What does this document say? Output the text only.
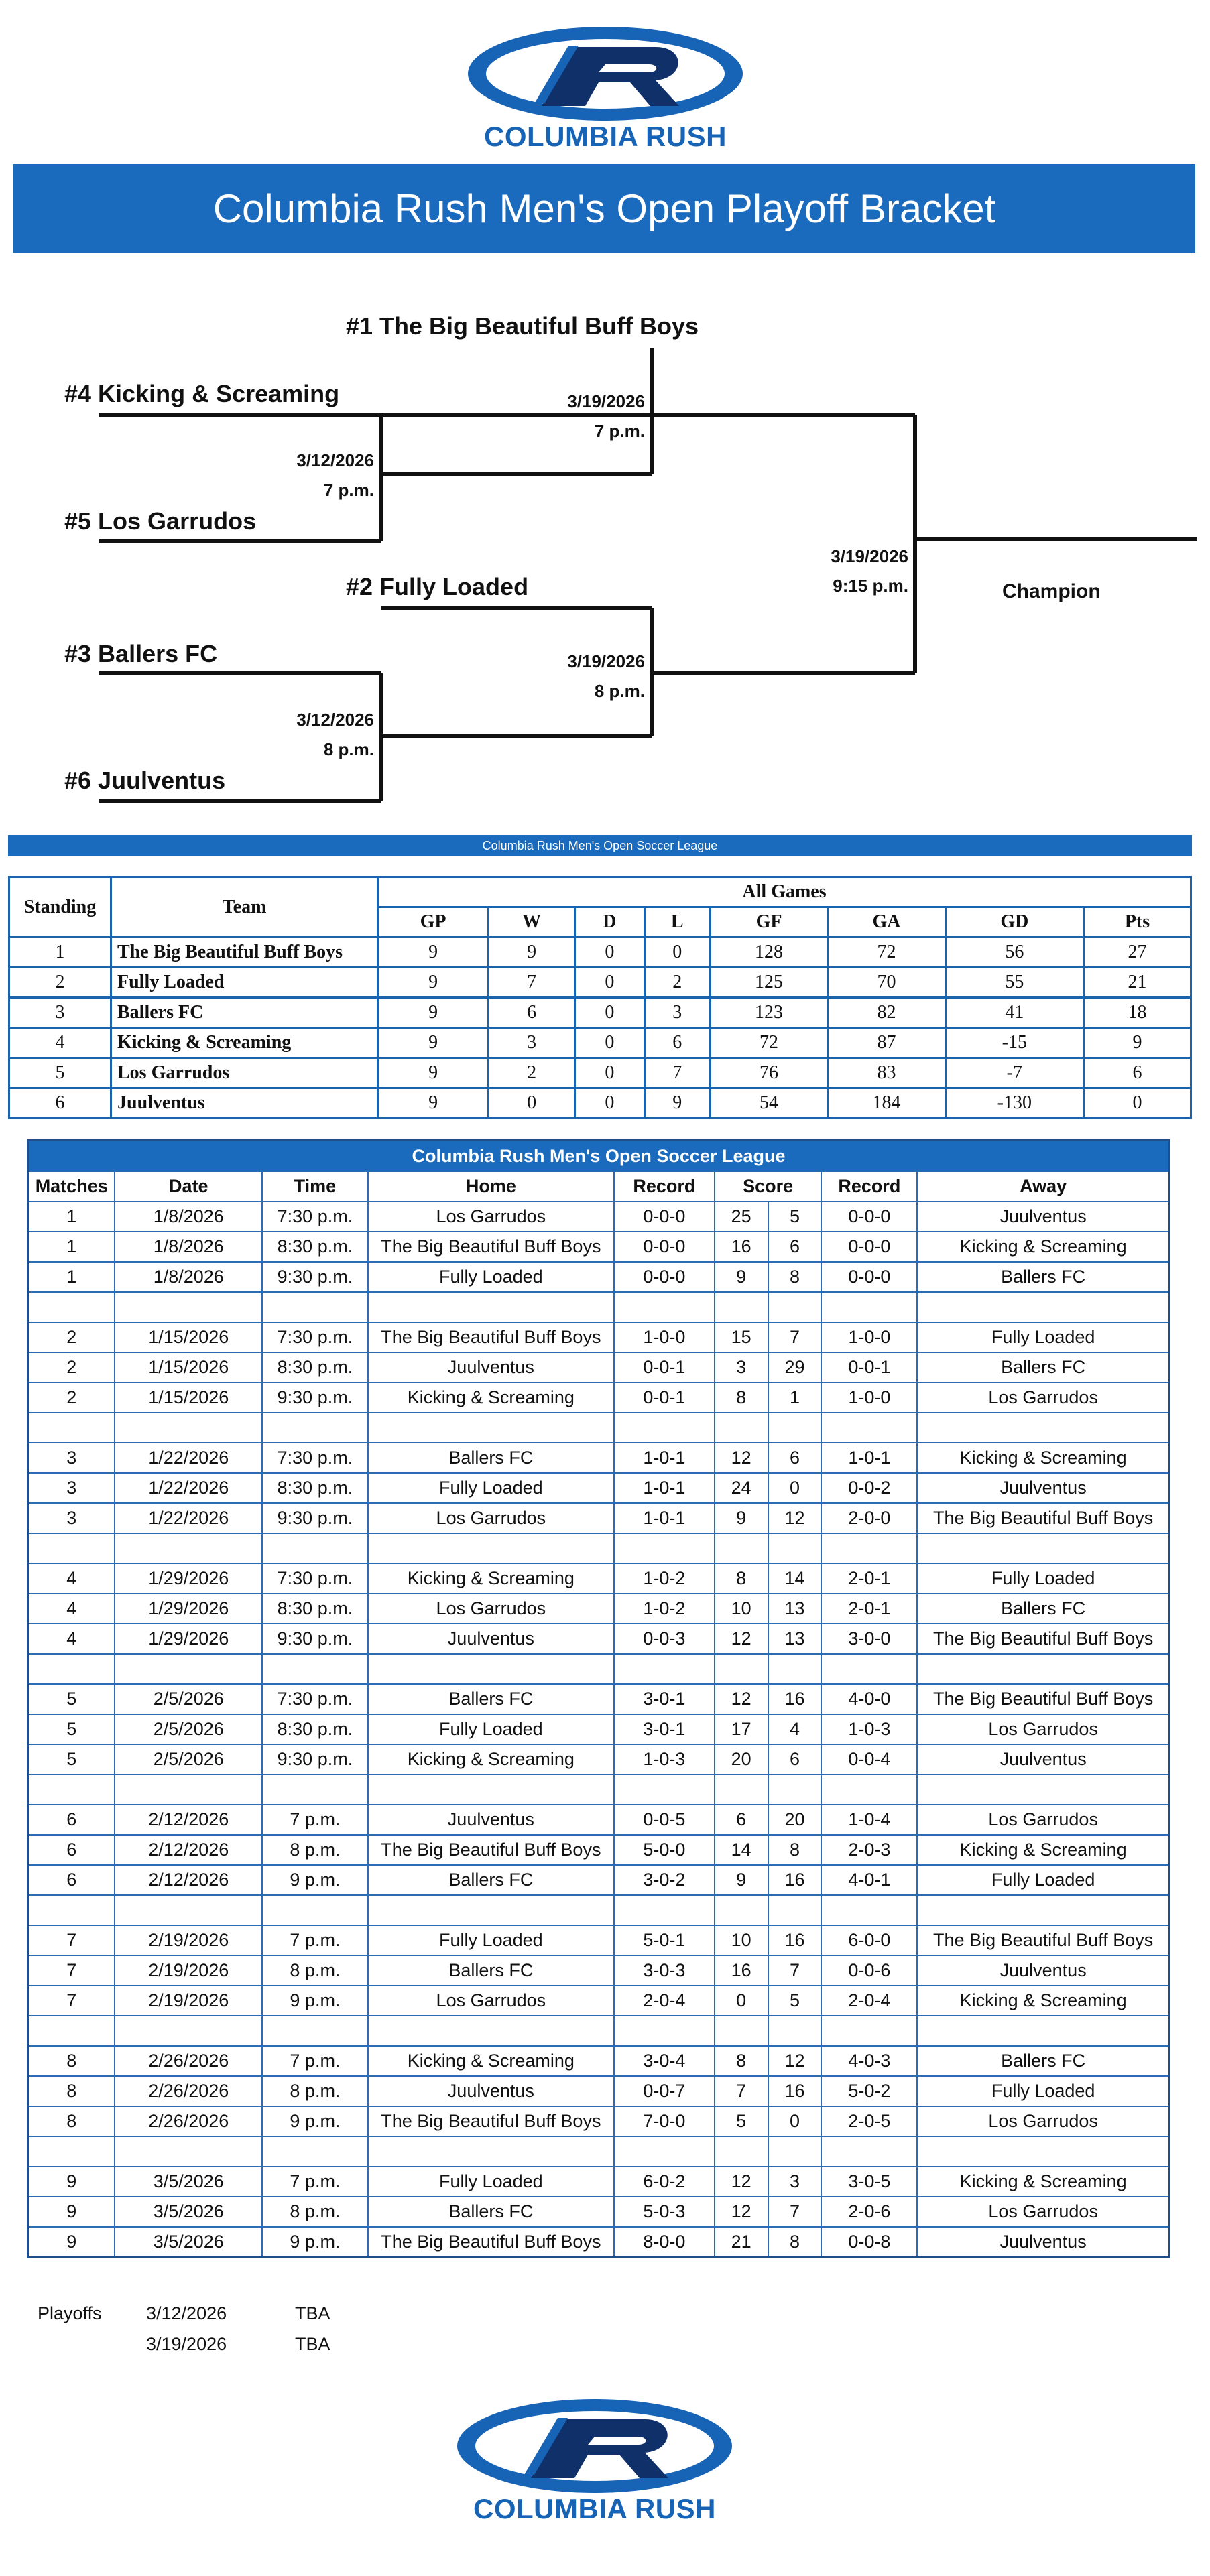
COLUMBIA RUSH
Columbia Rush Men's Open Playoff Bracket
#1 The Big Beautiful Buff Boys
#4 Kicking & Screaming
#5 Los Garrudos
#2 Fully Loaded
#3 Ballers FC
#6 Juulventus
3/12/2026
7 p.m.
3/19/2026
7 p.m.
3/12/2026
8 p.m.
3/19/2026
8 p.m.
3/19/2026
9:15 p.m.	Champion
Columbia Rush Men's Open Soccer League
Standing	Team	All Games							
		GP	W	D	L	GF	GA	GD	Pts
1	The Big Beautiful Buff Boys	9	9	0	0	128	72	56	27
2	Fully Loaded	9	7	0	2	125	70	55	21
3	Ballers FC	9	6	0	3	123	82	41	18
4	Kicking & Screaming	9	3	0	6	72	87	-15	9
5	Los Garrudos	9	2	0	7	76	83	-7	6
6	Juulventus	9	0	0	9	54	184	-130	0
Columbia Rush Men's Open Soccer League								
Matches	Date	Time	Home	Record	Score		Record	Away
1	1/8/2026	7:30 p.m.	Los Garrudos	0-0-0	25	5	0-0-0	Juulventus
1	1/8/2026	8:30 p.m.	The Big Beautiful Buff Boys	0-0-0	16	6	0-0-0	Kicking & Screaming
1	1/8/2026	9:30 p.m.	Fully Loaded	0-0-0	9	8	0-0-0	Ballers FC

2	1/15/2026	7:30 p.m.	The Big Beautiful Buff Boys	1-0-0	15	7	1-0-0	Fully Loaded
2	1/15/2026	8:30 p.m.	Juulventus	0-0-1	3	29	0-0-1	Ballers FC
2	1/15/2026	9:30 p.m.	Kicking & Screaming	0-0-1	8	1	1-0-0	Los Garrudos

3	1/22/2026	7:30 p.m.	Ballers FC	1-0-1	12	6	1-0-1	Kicking & Screaming
3	1/22/2026	8:30 p.m.	Fully Loaded	1-0-1	24	0	0-0-2	Juulventus
3	1/22/2026	9:30 p.m.	Los Garrudos	1-0-1	9	12	2-0-0	The Big Beautiful Buff Boys

4	1/29/2026	7:30 p.m.	Kicking & Screaming	1-0-2	8	14	2-0-1	Fully Loaded
4	1/29/2026	8:30 p.m.	Los Garrudos	1-0-2	10	13	2-0-1	Ballers FC
4	1/29/2026	9:30 p.m.	Juulventus	0-0-3	12	13	3-0-0	The Big Beautiful Buff Boys

5	2/5/2026	7:30 p.m.	Ballers FC	3-0-1	12	16	4-0-0	The Big Beautiful Buff Boys
5	2/5/2026	8:30 p.m.	Fully Loaded	3-0-1	17	4	1-0-3	Los Garrudos
5	2/5/2026	9:30 p.m.	Kicking & Screaming	1-0-3	20	6	0-0-4	Juulventus

6	2/12/2026	7 p.m.	Juulventus	0-0-5	6	20	1-0-4	Los Garrudos
6	2/12/2026	8 p.m.	The Big Beautiful Buff Boys	5-0-0	14	8	2-0-3	Kicking & Screaming
6	2/12/2026	9 p.m.	Ballers FC	3-0-2	9	16	4-0-1	Fully Loaded

7	2/19/2026	7 p.m.	Fully Loaded	5-0-1	10	16	6-0-0	The Big Beautiful Buff Boys
7	2/19/2026	8 p.m.	Ballers FC	3-0-3	16	7	0-0-6	Juulventus
7	2/19/2026	9 p.m.	Los Garrudos	2-0-4	0	5	2-0-4	Kicking & Screaming

8	2/26/2026	7 p.m.	Kicking & Screaming	3-0-4	8	12	4-0-3	Ballers FC
8	2/26/2026	8 p.m.	Juulventus	0-0-7	7	16	5-0-2	Fully Loaded
8	2/26/2026	9 p.m.	The Big Beautiful Buff Boys	7-0-0	5	0	2-0-5	Los Garrudos

9	3/5/2026	7 p.m.	Fully Loaded	6-0-2	12	3	3-0-5	Kicking & Screaming
9	3/5/2026	8 p.m.	Ballers FC	5-0-3	12	7	2-0-6	Los Garrudos
9	3/5/2026	9 p.m.	The Big Beautiful Buff Boys	8-0-0	21	8	0-0-8	Juulventus
Playoffs 3/12/2026	TBA
3/19/2026	TBA
COLUMBIA RUSH
